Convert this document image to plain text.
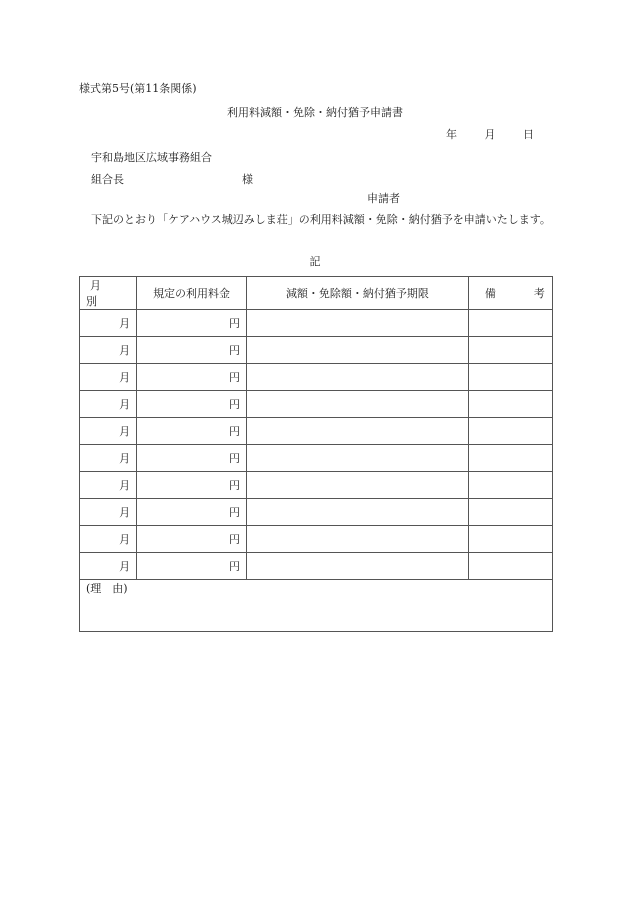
様式第5号(第11条関係)
利用料減額・免除・納付猶予申請書
年	月	日
宇和島地区広域事務組合
組合長	様
申請者
下記のとおり「ケアハウス城辺みしま荘」の利用料減額・免除・納付猶予を申請いたします。
記
月別	規定の利用料金	減額・免除額・納付猶予期限	備 考
月	円		
月	円		
月	円		
月	円		
月	円		
月	円		
月	円		
月	円		
月	円		
月	円		
(理　由)			
